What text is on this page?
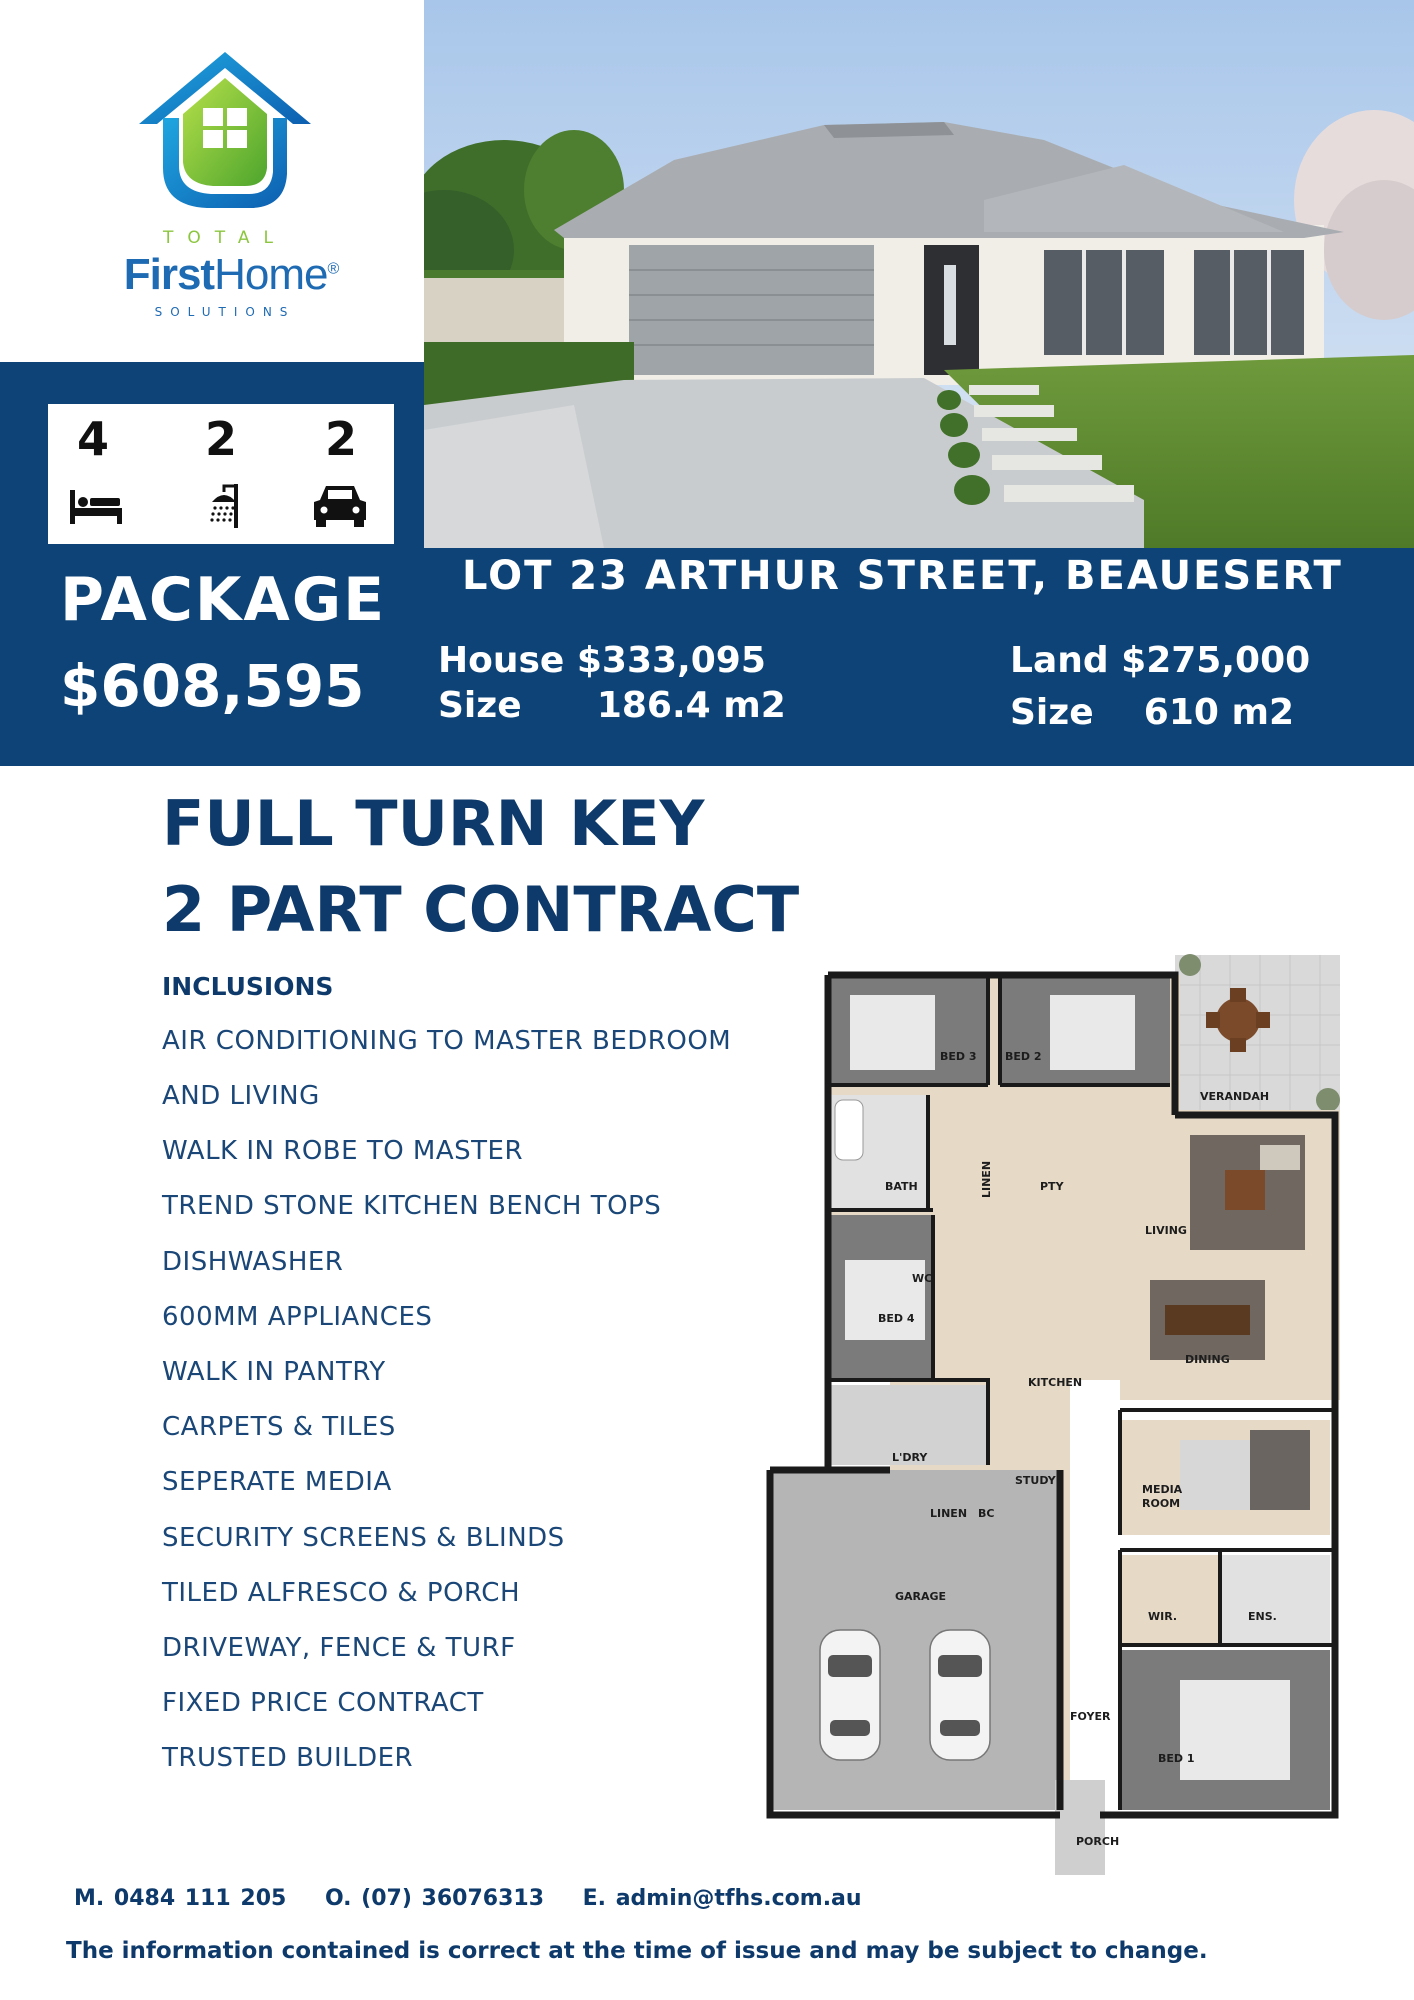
TOTAL
FirstHome®
SOLUTIONS
4	2	2
PACKAGE
$608,595
LOT 23 ARTHUR STREET, BEAUESERT
House $333,095
Size      186.4 m2
Land $275,000
Size    610 m2
FULL TURN KEY
2 PART CONTRACT
INCLUSIONS
AIR CONDITIONING TO MASTER BEDROOM
AND LIVING
WALK IN ROBE TO MASTER
TREND STONE KITCHEN BENCH TOPS
DISHWASHER
600MM APPLIANCES
WALK IN PANTRY
CARPETS & TILES
SEPERATE MEDIA
SECURITY SCREENS & BLINDS
TILED ALFRESCO & PORCH
DRIVEWAY, FENCE & TURF
FIXED PRICE CONTRACT
TRUSTED BUILDER
BED 3	BED 2
VERANDAH
BATH	LINEN	PTY
LIVING
WC
BED 4
DINING
KITCHEN
L'DRY
STUDY
MEDIA
ROOM
LINEN BC
GARAGE
WIR.	ENS.
FOYER
BED 1
PORCH
M. 0484 111 205    O. (07) 36076313    E. admin@tfhs.com.au
The information contained is correct at the time of issue and may be subject to change.
